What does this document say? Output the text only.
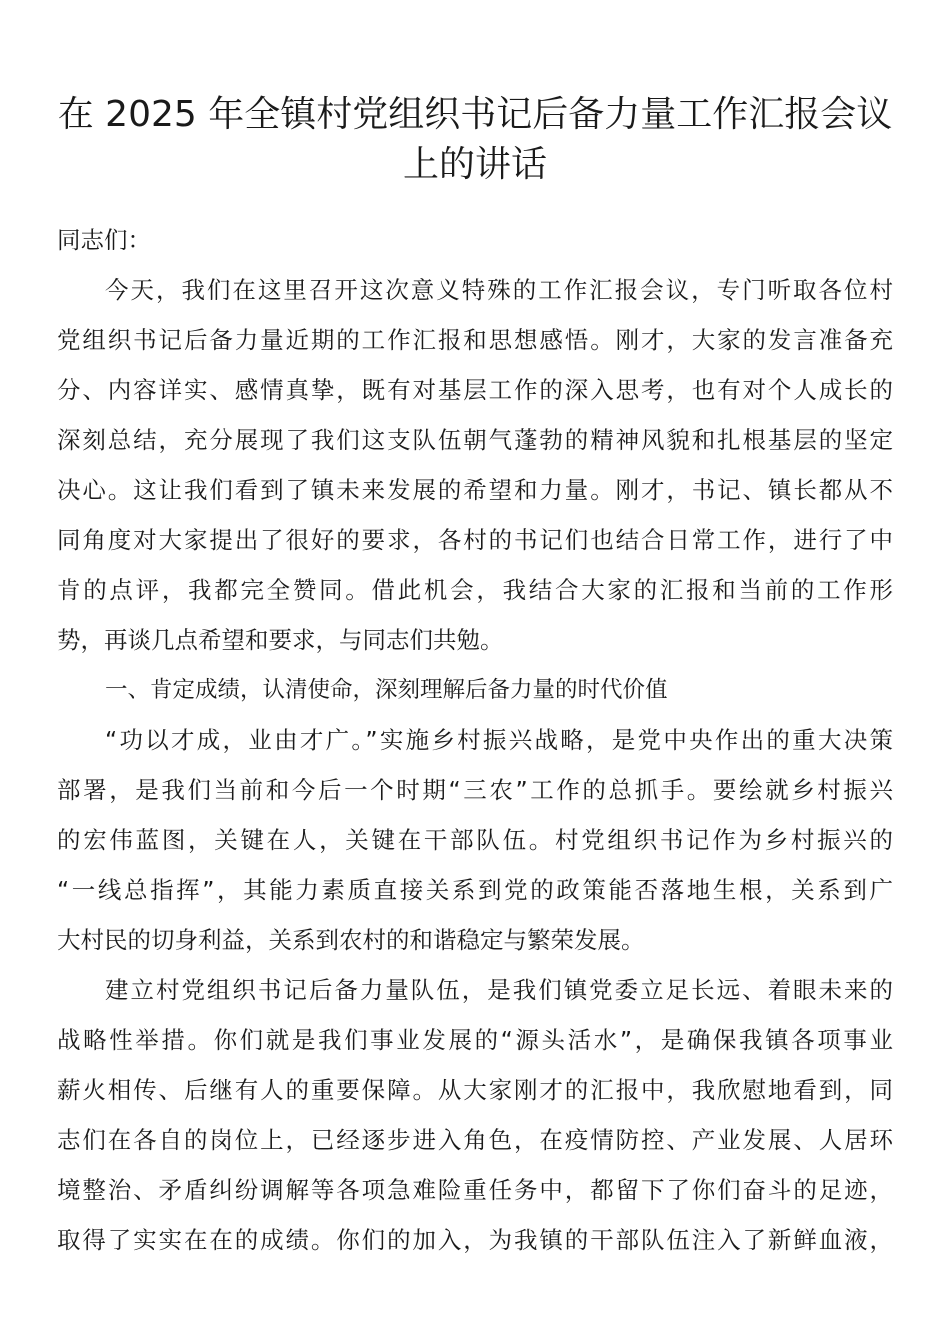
在 2025 年全镇村党组织书记后备力量工作汇报会议
上的讲话
同志们：
今天，我们在这里召开这次意义特殊的工作汇报会议，专门听取各位村
党组织书记后备力量近期的工作汇报和思想感悟。刚才，大家的发言准备充
分、内容详实、感情真挚，既有对基层工作的深入思考，也有对个人成长的
深刻总结，充分展现了我们这支队伍朝气蓬勃的精神风貌和扎根基层的坚定
决心。这让我们看到了镇未来发展的希望和力量。刚才，书记、镇长都从不
同角度对大家提出了很好的要求，各村的书记们也结合日常工作，进行了中
肯的点评，我都完全赞同。借此机会，我结合大家的汇报和当前的工作形
势，再谈几点希望和要求，与同志们共勉。
一、肯定成绩，认清使命，深刻理解后备力量的时代价值
“功以才成，业由才广。”实施乡村振兴战略，是党中央作出的重大决策
部署，是我们当前和今后一个时期“三农”工作的总抓手。要绘就乡村振兴
的宏伟蓝图，关键在人，关键在干部队伍。村党组织书记作为乡村振兴的
“一线总指挥”，其能力素质直接关系到党的政策能否落地生根，关系到广
大村民的切身利益，关系到农村的和谐稳定与繁荣发展。
建立村党组织书记后备力量队伍，是我们镇党委立足长远、着眼未来的
战略性举措。你们就是我们事业发展的“源头活水”，是确保我镇各项事业
薪火相传、后继有人的重要保障。从大家刚才的汇报中，我欣慰地看到，同
志们在各自的岗位上，已经逐步进入角色，在疫情防控、产业发展、人居环
境整治、矛盾纠纷调解等各项急难险重任务中，都留下了你们奋斗的足迹，
取得了实实在在的成绩。你们的加入，为我镇的干部队伍注入了新鲜血液，
